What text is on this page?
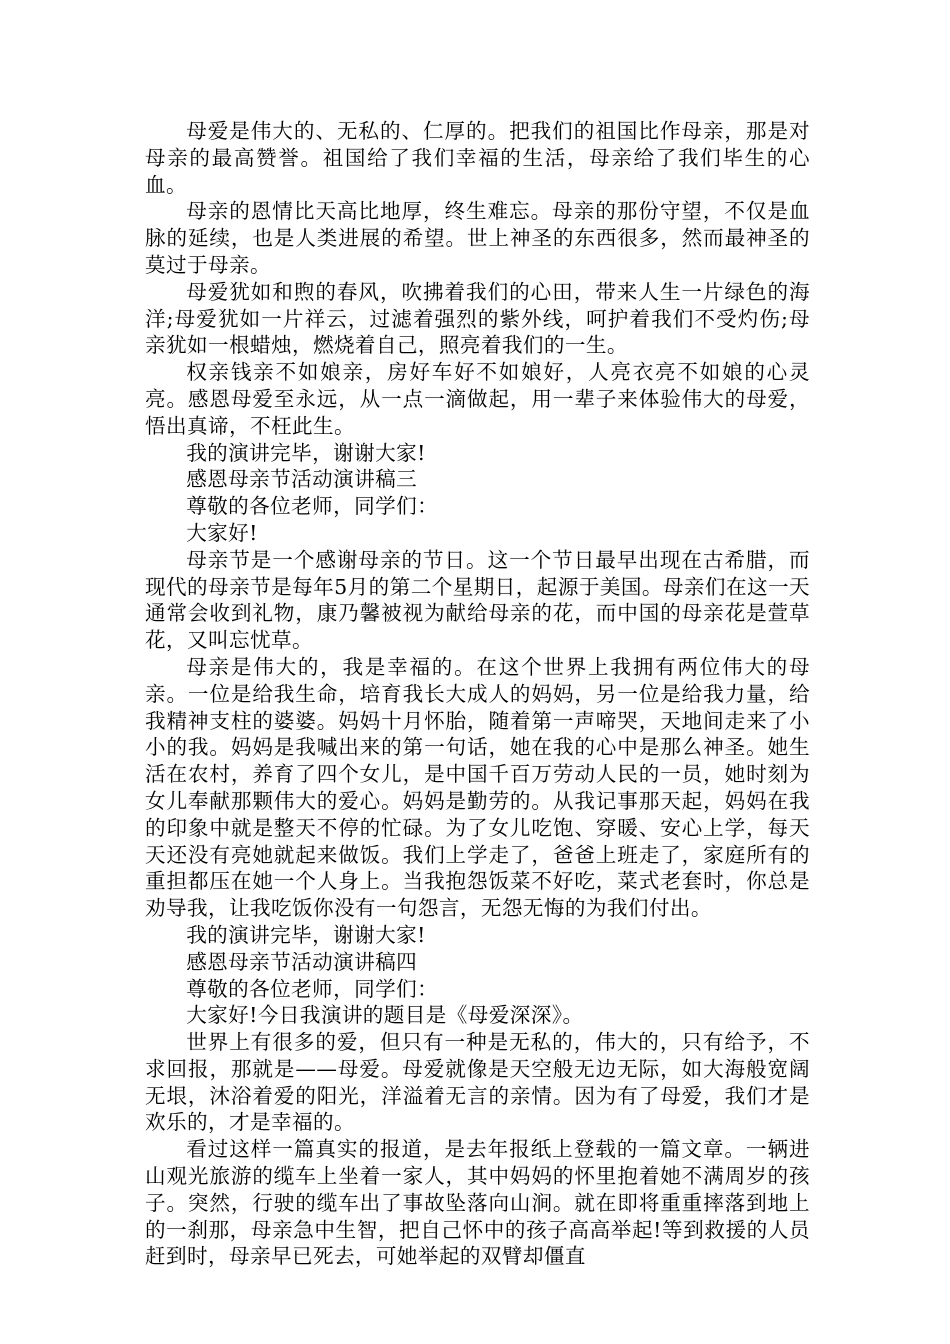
母爱是伟大的、无私的、仁厚的。把我们的祖国比作母亲，那是对母亲的最高赞誉。祖国给了我们幸福的生活，母亲给了我们毕生的心血。

母亲的恩情比天高比地厚，终生难忘。母亲的那份守望，不仅是血脉的延续，也是人类进展的希望。世上神圣的东西很多，然而最神圣的莫过于母亲。

母爱犹如和煦的春风，吹拂着我们的心田，带来人生一片绿色的海洋;母爱犹如一片祥云，过滤着强烈的紫外线，呵护着我们不受灼伤;母亲犹如一根蜡烛，燃烧着自己，照亮着我们的一生。

权亲钱亲不如娘亲，房好车好不如娘好，人亮衣亮不如娘的心灵亮。感恩母爱至永远，从一点一滴做起，用一辈子来体验伟大的母爱，悟出真谛，不枉此生。

我的演讲完毕，谢谢大家!

感恩母亲节活动演讲稿三

尊敬的各位老师，同学们：

大家好!

母亲节是一个感谢母亲的节日。这一个节日最早出现在古希腊，而现代的母亲节是每年5月的第二个星期日，起源于美国。母亲们在这一天通常会收到礼物，康乃馨被视为献给母亲的花，而中国的母亲花是萱草花，又叫忘忧草。

母亲是伟大的，我是幸福的。在这个世界上我拥有两位伟大的母亲。一位是给我生命，培育我长大成人的妈妈，另一位是给我力量，给我精神支柱的婆婆。妈妈十月怀胎，随着第一声啼哭，天地间走来了小小的我。妈妈是我喊出来的第一句话，她在我的心中是那么神圣。她生活在农村，养育了四个女儿，是中国千百万劳动人民的一员，她时刻为女儿奉献那颗伟大的爱心。妈妈是勤劳的。从我记事那天起，妈妈在我的印象中就是整天不停的忙碌。为了女儿吃饱、穿暖、安心上学，每天天还没有亮她就起来做饭。我们上学走了，爸爸上班走了，家庭所有的重担都压在她一个人身上。当我抱怨饭菜不好吃，菜式老套时，你总是劝导我，让我吃饭你没有一句怨言，无怨无悔的为我们付出。

我的演讲完毕，谢谢大家!

感恩母亲节活动演讲稿四

尊敬的各位老师，同学们：

大家好!今日我演讲的题目是《母爱深深》。

世界上有很多的爱，但只有一种是无私的，伟大的，只有给予，不求回报，那就是——母爱。母爱就像是天空般无边无际，如大海般宽阔无垠，沐浴着爱的阳光，洋溢着无言的亲情。因为有了母爱，我们才是欢乐的，才是幸福的。

看过这样一篇真实的报道，是去年报纸上登载的一篇文章。一辆进山观光旅游的缆车上坐着一家人，其中妈妈的怀里抱着她不满周岁的孩子。突然，行驶的缆车出了事故坠落向山涧。就在即将重重摔落到地上的一刹那，母亲急中生智，把自己怀中的孩子高高举起!等到救援的人员赶到时，母亲早已死去，可她举起的双臂却僵直
